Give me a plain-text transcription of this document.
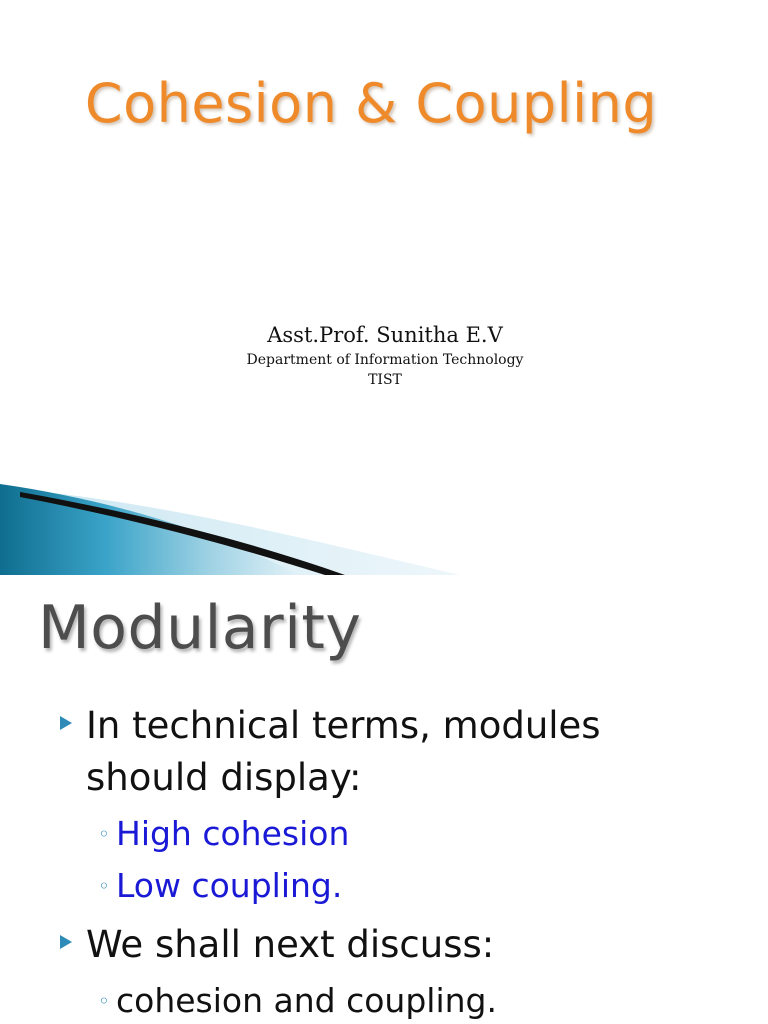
Cohesion & Coupling
Asst.Prof. Sunitha E.V
Department of Information Technology
TIST
Modularity
In technical terms, modules should display:
◦ High cohesion
◦ Low coupling.
We shall next discuss:
◦ cohesion and coupling.
